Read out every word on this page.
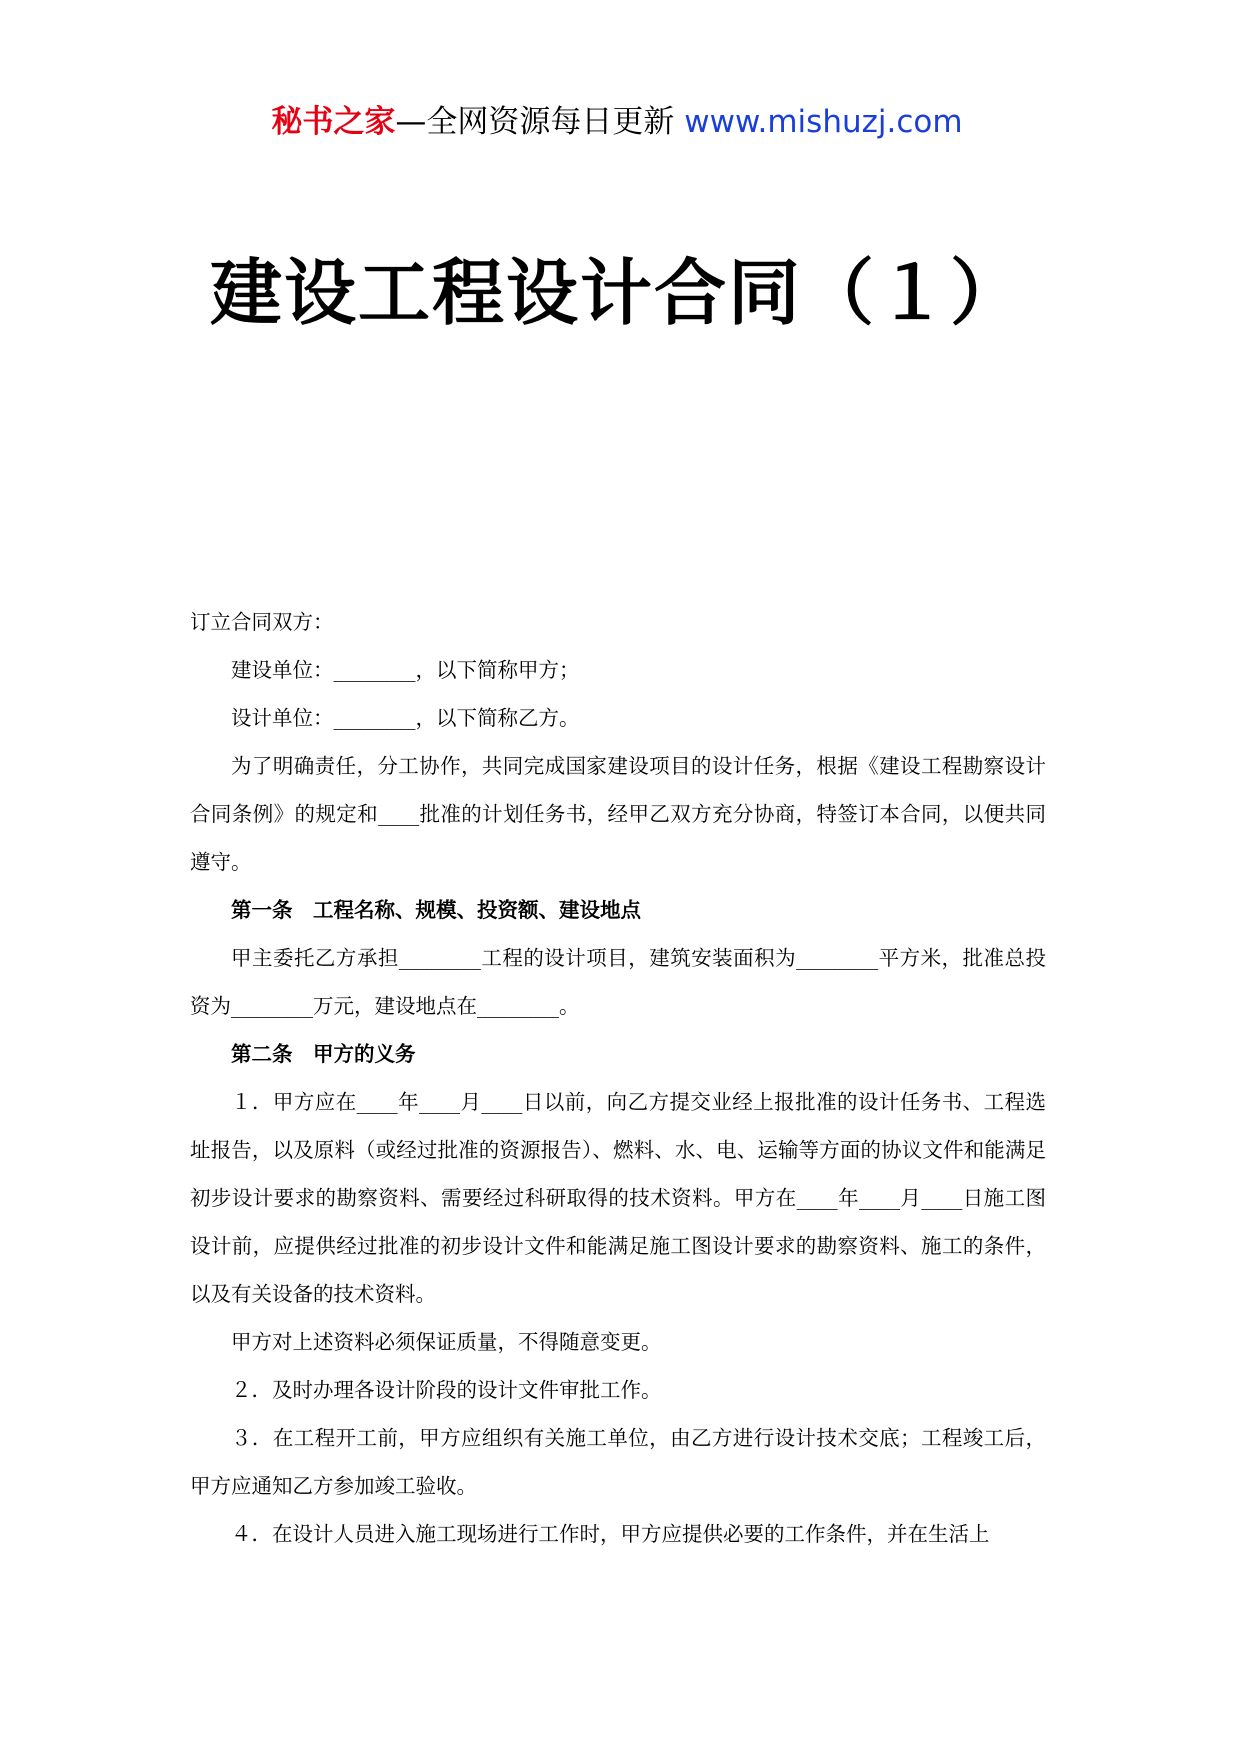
秘书之家—全网资源每日更新 www.mishuzj.com
建设工程设计合同（１）

订立合同双方：

建设单位：________，以下简称甲方；

设计单位：________，以下简称乙方。

为了明确责任，分工协作，共同完成国家建设项目的设计任务，根据《建设工程勘察设计合同条例》的规定和____批准的计划任务书，经甲乙双方充分协商，特签订本合同，以便共同遵守。

第一条　工程名称、规模、投资额、建设地点

甲主委托乙方承担________工程的设计项目，建筑安装面积为________平方米，批准总投资为________万元，建设地点在________。

第二条　甲方的义务

１．甲方应在____年____月____日以前，向乙方提交业经上报批准的设计任务书、工程选址报告，以及原料（或经过批准的资源报告）、燃料、水、电、运输等方面的协议文件和能满足初步设计要求的勘察资料、需要经过科研取得的技术资料。甲方在____年____月____日施工图设计前，应提供经过批准的初步设计文件和能满足施工图设计要求的勘察资料、施工的条件，以及有关设备的技术资料。

甲方对上述资料必须保证质量，不得随意变更。

２．及时办理各设计阶段的设计文件审批工作。

３．在工程开工前，甲方应组织有关施工单位，由乙方进行设计技术交底；工程竣工后，甲方应通知乙方参加竣工验收。

４．在设计人员进入施工现场进行工作时，甲方应提供必要的工作条件，并在生活上
